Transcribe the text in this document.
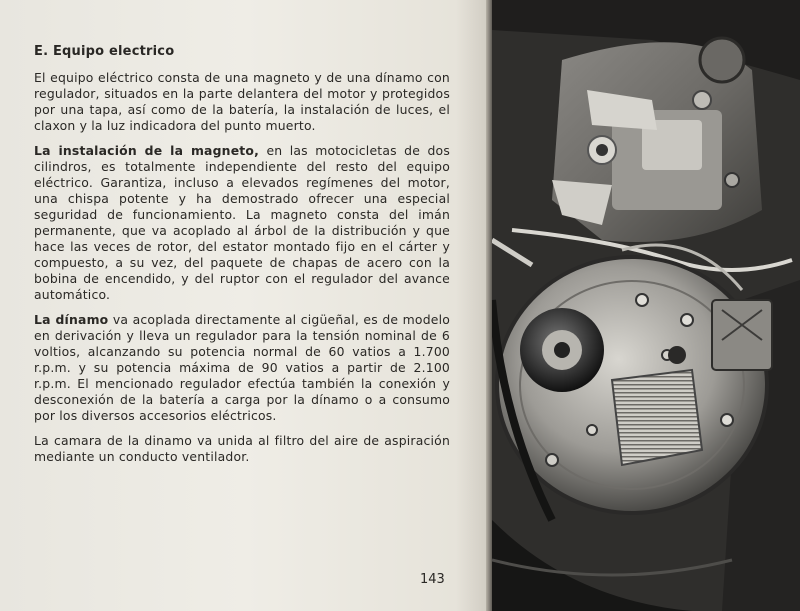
E. Equipo electrico

El equipo eléctrico consta de una magneto y de una dínamo con regulador, situados en la parte delantera del motor y protegidos por una tapa, así como de la batería, la instalación de luces, el claxon y la luz indicadora del punto muerto.

La instalación de la magneto, en las motocicletas de dos cilindros, es totalmente independiente del resto del equipo eléctrico. Garantiza, incluso a elevados regímenes del motor, una chispa potente y ha demostrado ofrecer una especial seguridad de funcionamiento. La magneto consta del imán permanente, que va acoplado al árbol de la distribución y que hace las veces de rotor, del estator montado fijo en el cárter y compuesto, a su vez, del paquete de chapas de acero con la bobina de encendido, y del ruptor con el regulador del avance automático.

La dínamo va acoplada directamente al cigüeñal, es de modelo en derivación y lleva un regulador para la tensión nominal de 6 voltios, alcanzando su potencia normal de 60 vatios a 1.700 r.p.m. y su potencia máxima de 90 vatios a partir de 2.100 r.p.m. El mencionado regulador efectúa también la conexión y desconexión de la batería a carga por la dínamo o a consumo por los diversos accesorios eléctricos.

La camara de la dinamo va unida al filtro del aire de aspiración mediante un conducto ventilador.

143
